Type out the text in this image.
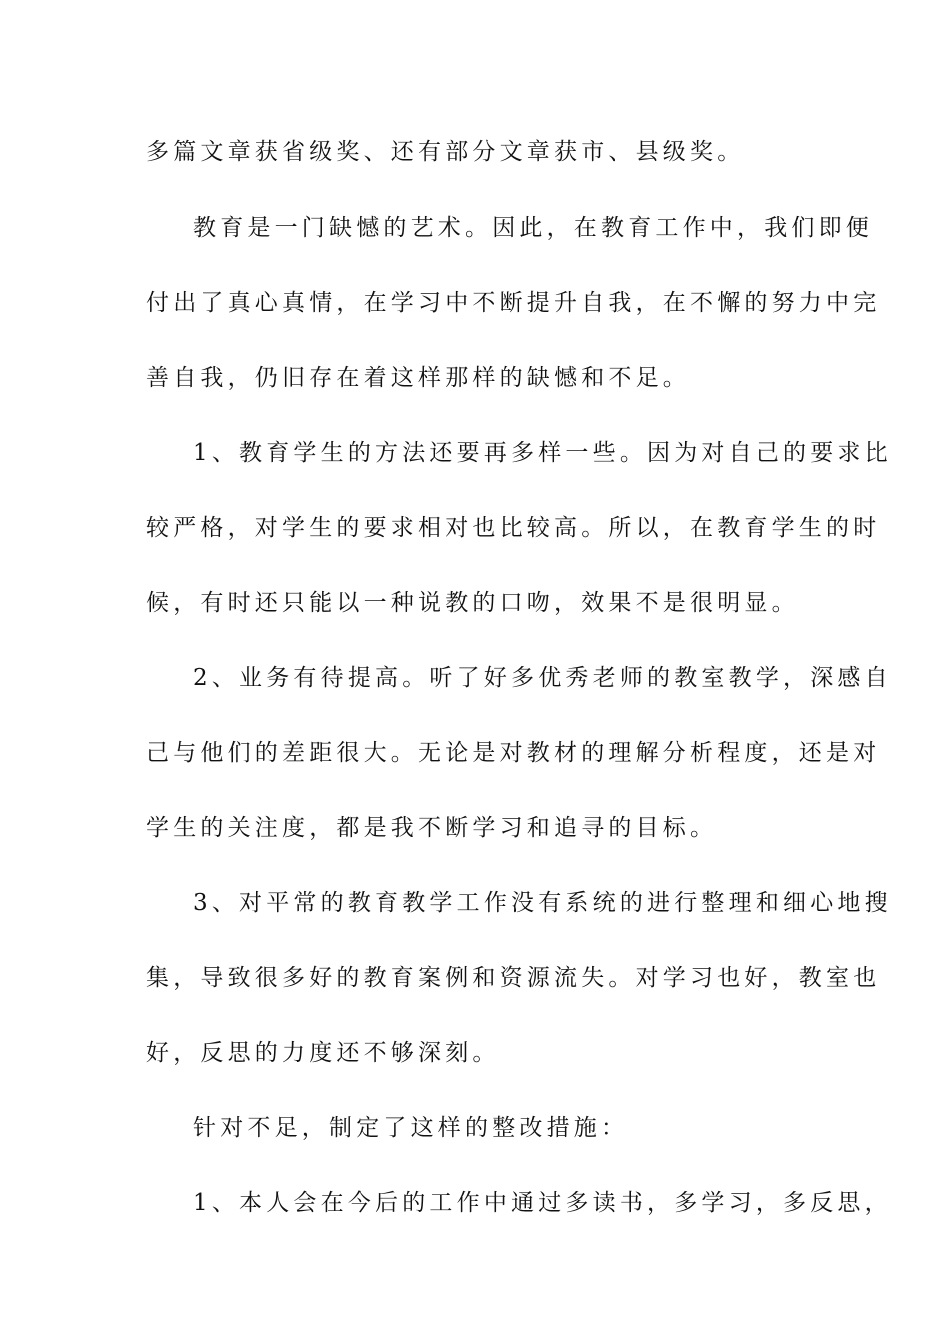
多篇文章获省级奖、还有部分文章获市、县级奖。
教育是一门缺憾的艺术。因此，在教育工作中，我们即便
付出了真心真情，在学习中不断提升自我，在不懈的努力中完
善自我，仍旧存在着这样那样的缺憾和不足。
1、教育学生的方法还要再多样一些。因为对自己的要求比
较严格，对学生的要求相对也比较高。所以，在教育学生的时
候，有时还只能以一种说教的口吻，效果不是很明显。
2、业务有待提高。听了好多优秀老师的教室教学，深感自
己与他们的差距很大。无论是对教材的理解分析程度，还是对
学生的关注度，都是我不断学习和追寻的目标。
3、对平常的教育教学工作没有系统的进行整理和细心地搜
集，导致很多好的教育案例和资源流失。对学习也好，教室也
好，反思的力度还不够深刻。
针对不足，制定了这样的整改措施：
1、本人会在今后的工作中通过多读书，多学习，多反思，
